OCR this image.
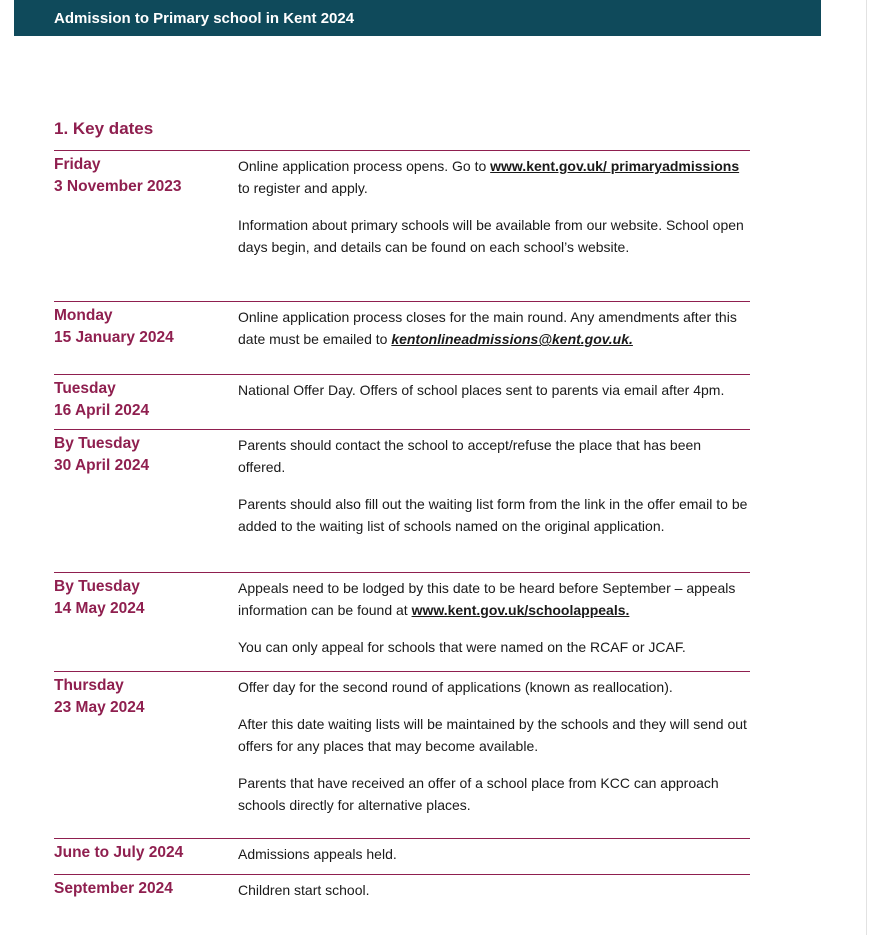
Admission to Primary school in Kent 2024
1. Key dates
Friday
3 November 2023

Online application process opens. Go to www.kent.gov.uk/ primaryadmissions to register and apply.

Information about primary schools will be available from our website. School open days begin, and details can be found on each school’s website.

Monday
15 January 2024

Online application process closes for the main round. Any amendments after this date must be emailed to kentonlineadmissions@kent.gov.uk.

Tuesday
16 April 2024

National Offer Day. Offers of school places sent to parents via email after 4pm.

By Tuesday
30 April 2024

Parents should contact the school to accept/refuse the place that has been offered.

Parents should also fill out the waiting list form from the link in the offer email to be added to the waiting list of schools named on the original application.

By Tuesday
14 May 2024

Appeals need to be lodged by this date to be heard before September – appeals information can be found at www.kent.gov.uk/schoolappeals.

You can only appeal for schools that were named on the RCAF or JCAF.

Thursday
23 May 2024

Offer day for the second round of applications (known as reallocation).

After this date waiting lists will be maintained by the schools and they will send out offers for any places that may become available.

Parents that have received an offer of a school place from KCC can approach schools directly for alternative places.

June to July 2024	Admissions appeals held.

September 2024	Children start school.
